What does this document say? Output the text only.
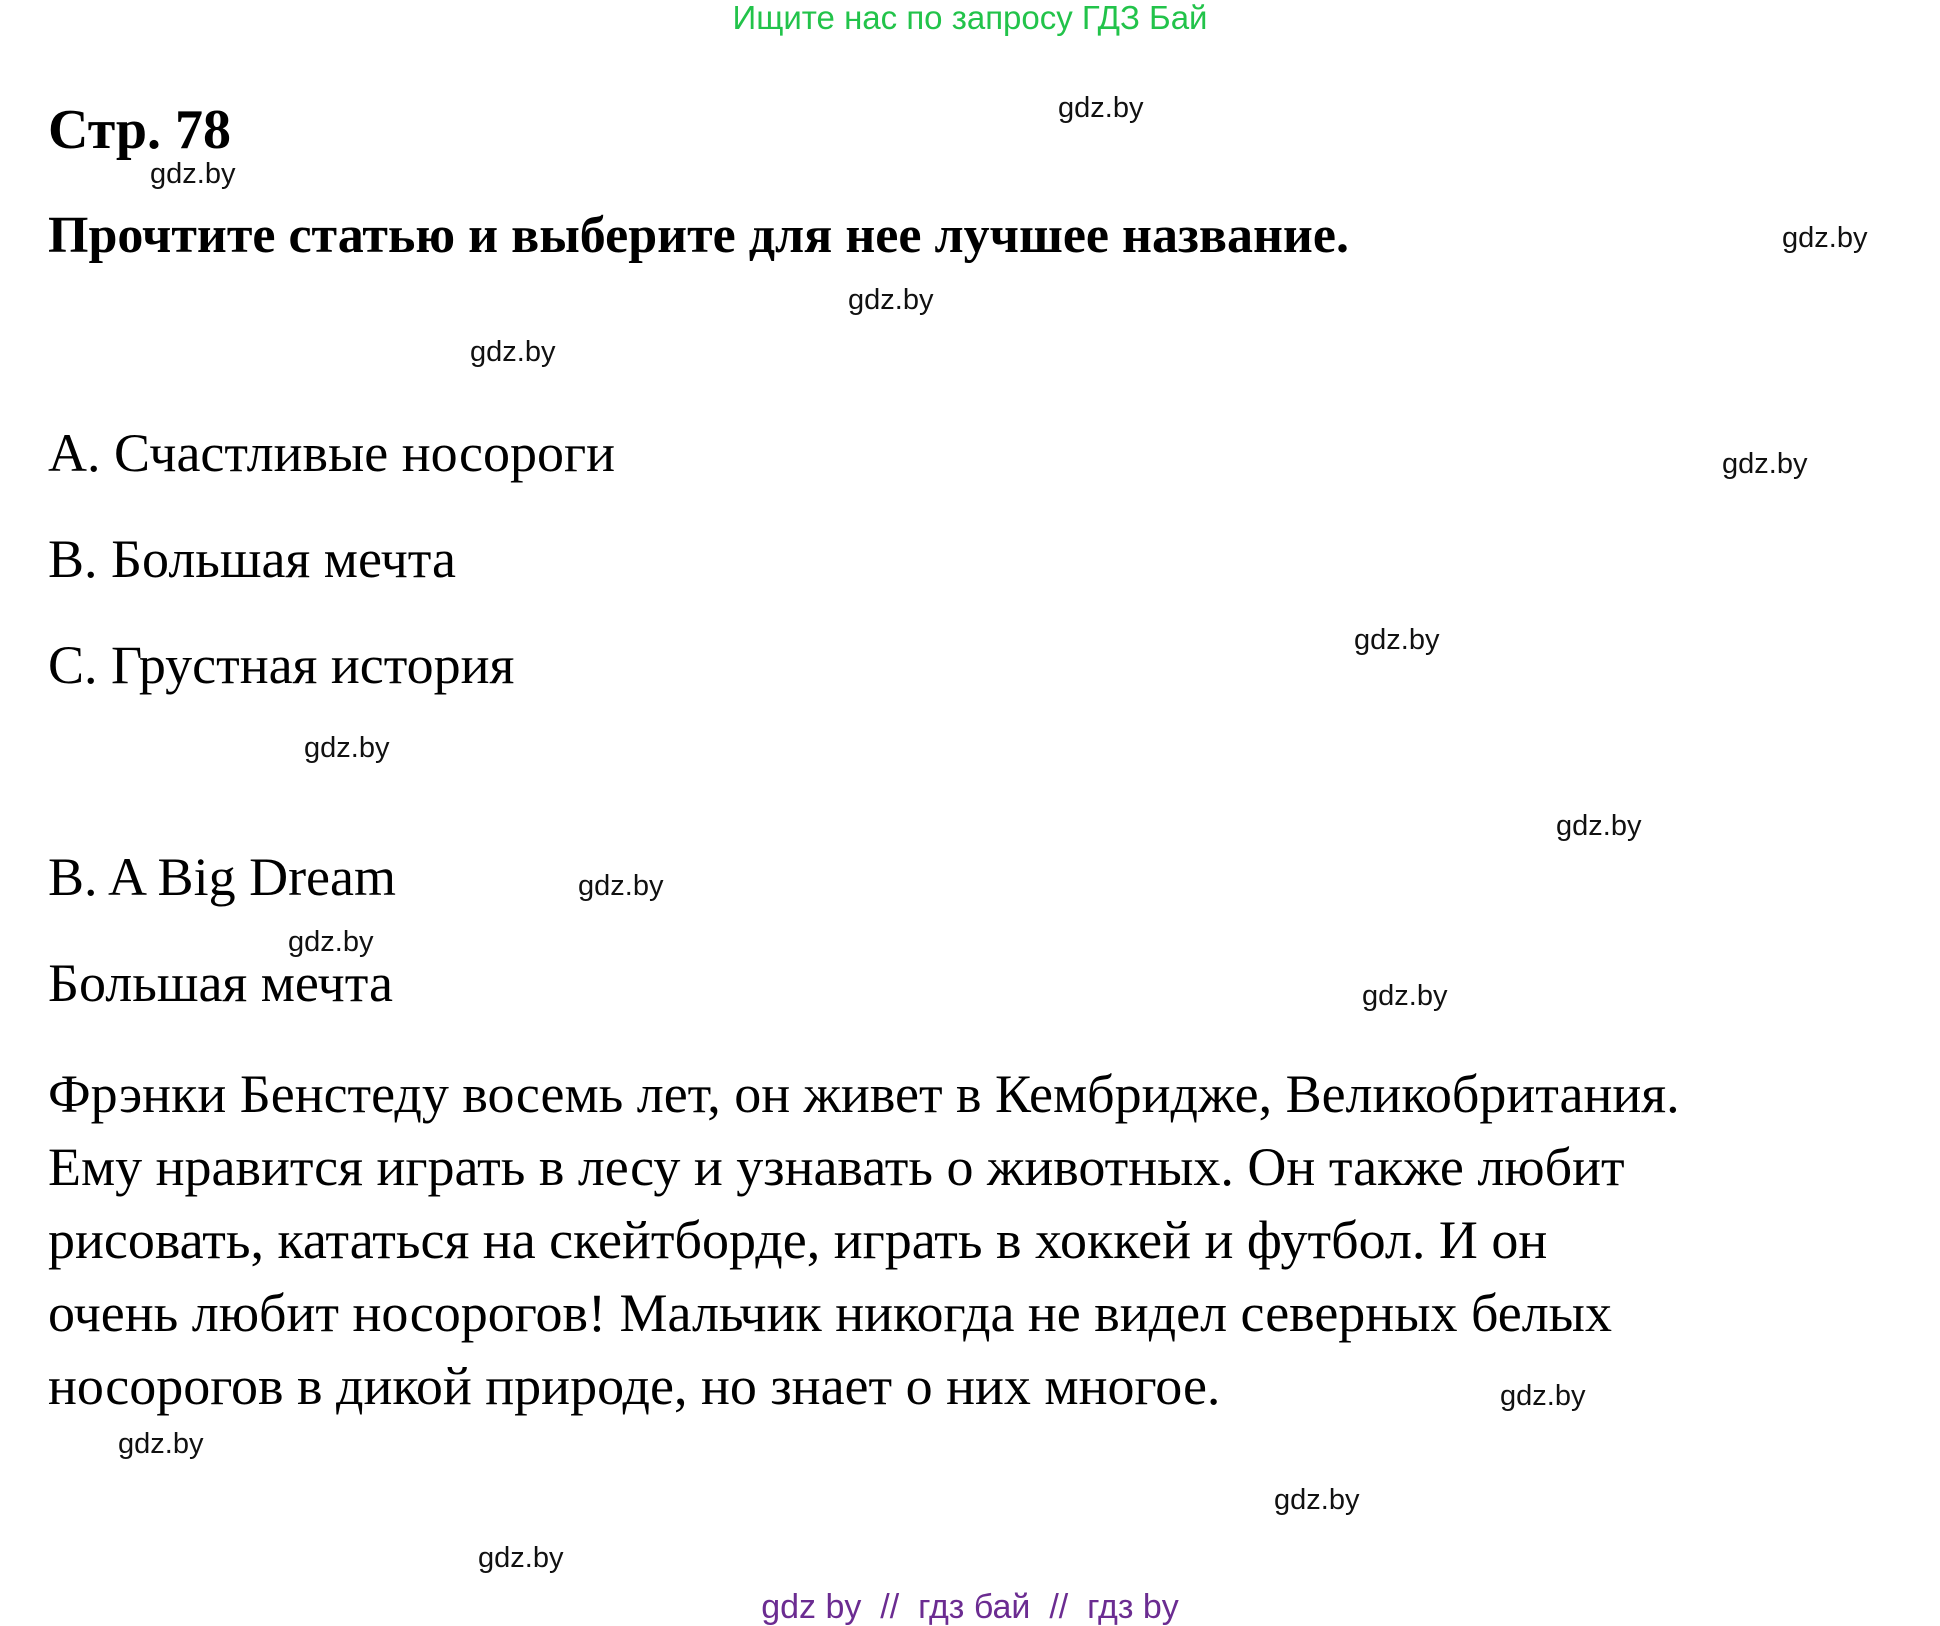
Ищите нас по запросу ГДЗ Бай
Стр. 78
Прочтите статью и выберите для нее лучшее название.
A. Счастливые носороги
B. Большая мечта
C. Грустная история
B. A Big Dream
Большая мечта
Фрэнки Бенстеду восемь лет, он живет в Кембридже, Великобритания.
Ему нравится играть в лесу и узнавать о животных. Он также любит
рисовать, кататься на скейтборде, играть в хоккей и футбол. И он
очень любит носорогов! Мальчик никогда не видел северных белых
носорогов в дикой природе, но знает о них многое.
gdz.by
gdz.by
gdz.by
gdz.by
gdz.by
gdz.by
gdz.by
gdz.by
gdz.by
gdz.by
gdz.by
gdz.by
gdz.by
gdz.by
gdz.by
gdz.by
gdz by  //  гдз бай  //  гдз by
